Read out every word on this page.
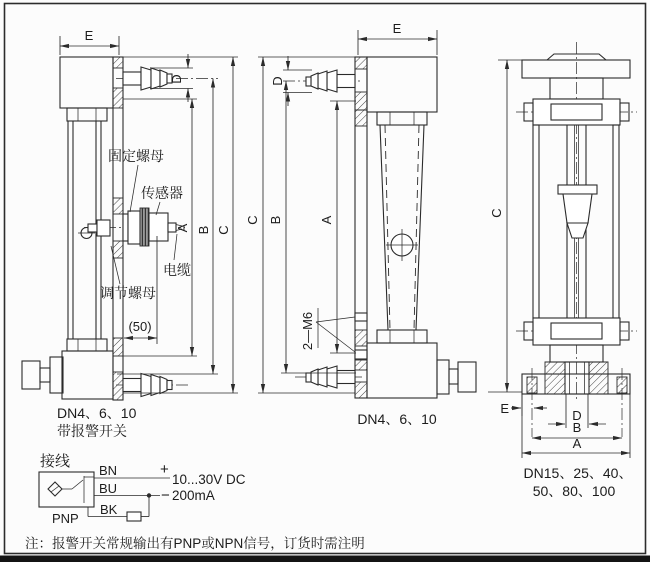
E
D
A B C
(50)
固定螺母
传感器
电缆
调节螺母
DN4、6、10
带报警开关
E
D
A
B
C
2—M6
DN4、6、10
C
E	D
B
A
DN15、25、40、
50、80、100
接线
BN
BU
BK
+
10...30V DC
− 200mA
PNP
注：报警开关常规输出有PNP或NPN信号，订货时需注明
